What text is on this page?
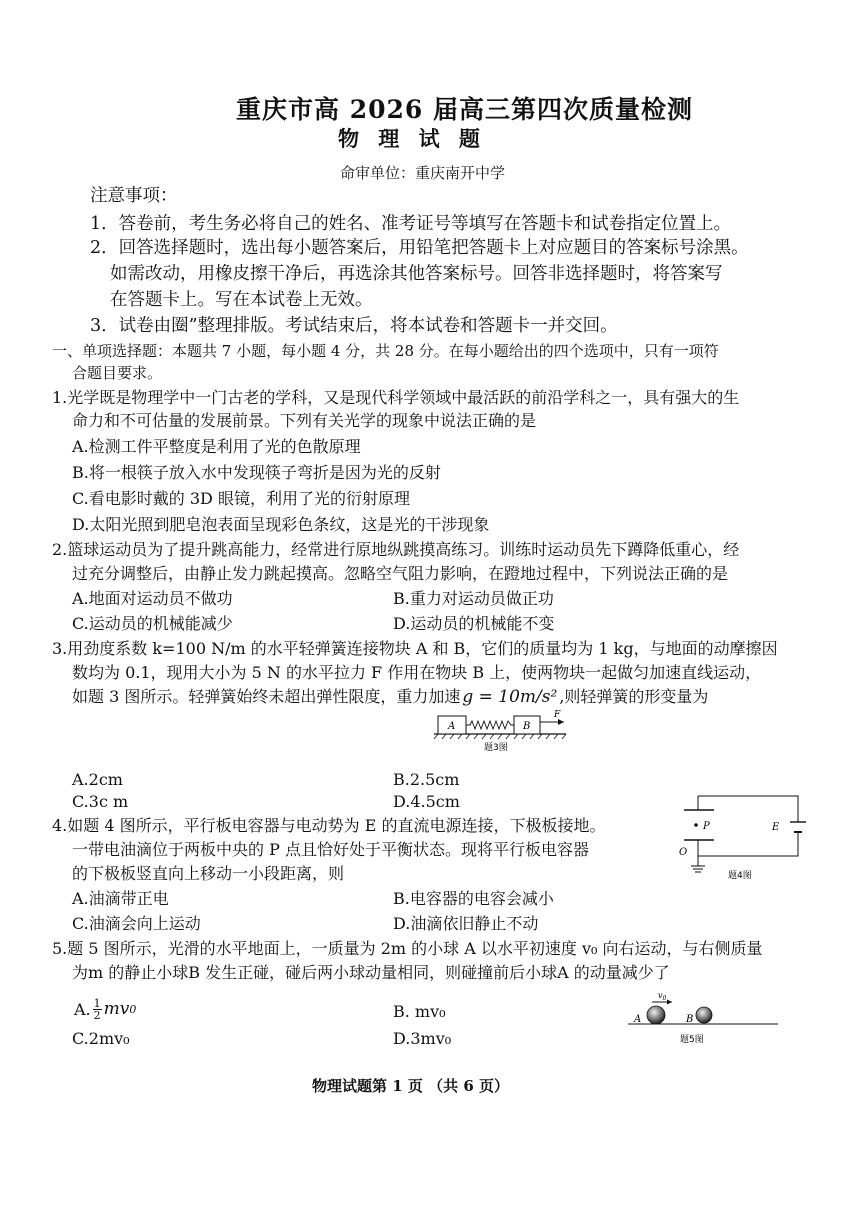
重庆市高 2026 届高三第四次质量检测
物 理 试 题
命审单位：重庆南开中学
注意事项：
1．答卷前，考生务必将自己的姓名、准考证号等填写在答题卡和试卷指定位置上。
2．回答选择题时，选出每小题答案后，用铅笔把答题卡上对应题目的答案标号涂黑。
如需改动，用橡皮擦干净后，再选涂其他答案标号。回答非选择题时，将答案写
在答题卡上。写在本试卷上无效。
3．试卷由圈”整理排版。考试结束后，将本试卷和答题卡一并交回。
一、单项选择题：本题共 7 小题，每小题 4 分，共 28 分。在每小题给出的四个选项中，只有一项符
合题目要求。
1.光学既是物理学中一门古老的学科，又是现代科学领域中最活跃的前沿学科之一，具有强大的生
命力和不可估量的发展前景。下列有关光学的现象中说法正确的是
A.检测工件平整度是利用了光的色散原理
B.将一根筷子放入水中发现筷子弯折是因为光的反射
C.看电影时戴的 3D 眼镜，利用了光的衍射原理
D.太阳光照到肥皂泡表面呈现彩色条纹，这是光的干涉现象
2.篮球运动员为了提升跳高能力，经常进行原地纵跳摸高练习。训练时运动员先下蹲降低重心，经
过充分调整后，由静止发力跳起摸高。忽略空气阻力影响，在蹬地过程中，下列说法正确的是
A.地面对运动员不做功	B.重力对运动员做正功
C.运动员的机械能减少	D.运动员的机械能不变
3.用劲度系数 k=100 N/m 的水平轻弹簧连接物块 A 和 B，它们的质量均为 1 kg，与地面的动摩擦因
数均为 0.1，现用大小为 5 N 的水平拉力 F 作用在物块 B 上，使两物块一起做匀加速直线运动，
如题 3 图所示。轻弹簧始终未超出弹性限度，重力加速 g = 10m/s² ,则轻弹簧的形变量为
A	B
F
题3图
A.2cm	B.2.5cm
C.3c m	D.4.5cm
4.如题 4 图所示，平行板电容器与电动势为 E 的直流电源连接，下极板接地。
一带电油滴位于两板中央的 P 点且恰好处于平衡状态。现将平行板电容器
的下极板竖直向上移动一小段距离，则
A.油滴带正电	B.电容器的电容会减小
C.油滴会向上运动	D.油滴依旧静止不动
E
P
O
题4图
5.题 5 图所示，光滑的水平地面上，一质量为 2m 的小球 A 以水平初速度 v₀ 向右运动，与右侧质量
为m 的静止小球B 发生正碰，碰后两小球动量相同，则碰撞前后小球A 的动量减少了
A. $\frac{1}{2}$ mv 0	B. mv₀
C.2mv₀	D.3mv₀
A	B
$v_0$
题5图
物理试题第 1 页 （共 6 页）
